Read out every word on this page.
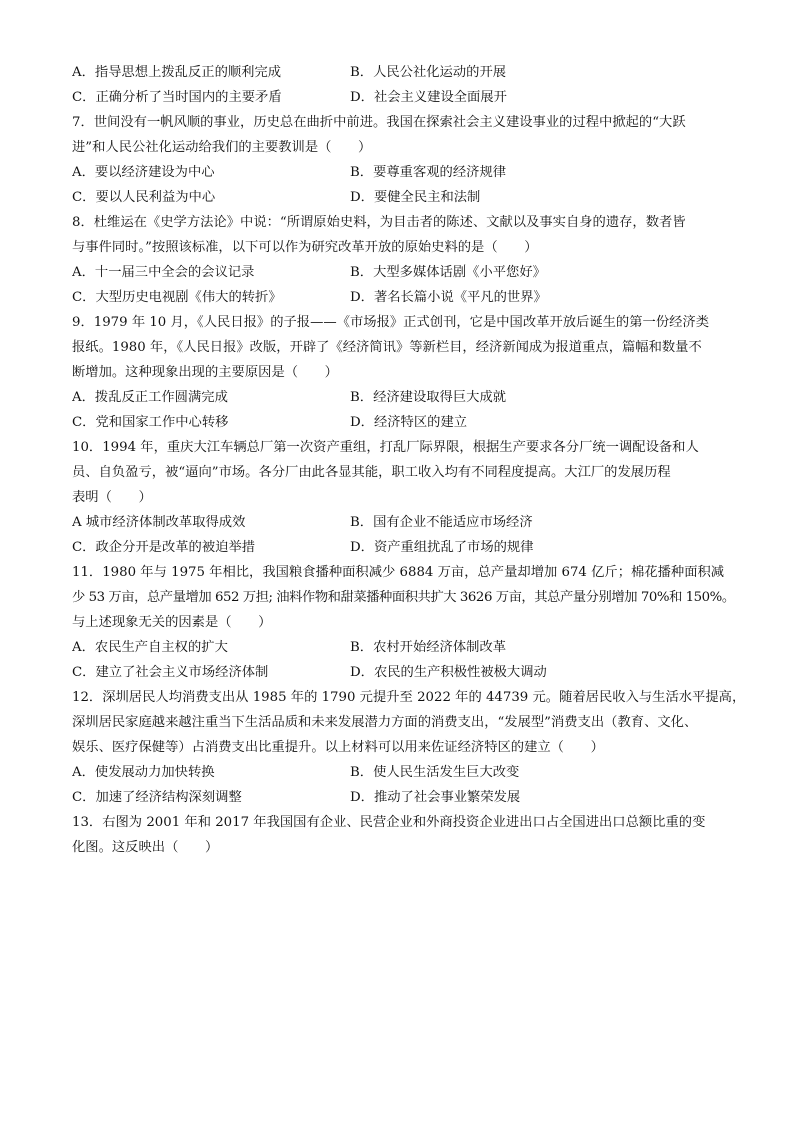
A．指导思想上拨乱反正的顺利完成	B．人民公社化运动的开展
C．正确分析了当时国内的主要矛盾	D．社会主义建设全面展开
7．世间没有一帆风顺的事业，历史总在曲折中前进。我国在探索社会主义建设事业的过程中掀起的“大跃
进”和人民公社化运动给我们的主要教训是（　　）
A．要以经济建设为中心	B．要尊重客观的经济规律
C．要以人民利益为中心	D．要健全民主和法制
8．杜维运在《史学方法论》中说：“所谓原始史料，为目击者的陈述、文献以及事实自身的遗存，数者皆
与事件同时。”按照该标准，以下可以作为研究改革开放的原始史料的是（　　）
A．十一届三中全会的会议记录	B．大型多媒体话剧《小平您好》
C．大型历史电视剧《伟大的转折》	D．著名长篇小说《平凡的世界》
9．1979 年 10 月，《人民日报》的子报——《市场报》正式创刊，它是中国改革开放后诞生的第一份经济类
报纸。1980 年，《人民日报》改版，开辟了《经济简讯》等新栏目，经济新闻成为报道重点，篇幅和数量不
断增加。这种现象出现的主要原因是（　　）
A．拨乱反正工作圆满完成	B．经济建设取得巨大成就
C．党和国家工作中心转移	D．经济特区的建立
10．1994 年，重庆大江车辆总厂第一次资产重组，打乱厂际界限，根据生产要求各分厂统一调配设备和人
员、自负盈亏，被“逼向”市场。各分厂由此各显其能，职工收入均有不同程度提高。大江厂的发展历程
表明（　　）
A 城市经济体制改革取得成效	B．国有企业不能适应市场经济
C．政企分开是改革的被迫举措	D．资产重组扰乱了市场的规律
11．1980 年与 1975 年相比，我国粮食播种面积减少 6884 万亩，总产量却增加 674 亿斤；棉花播种面积减
少 53 万亩，总产量增加 652 万担; 油料作物和甜菜播种面积共扩大 3626 万亩，其总产量分别增加 70%和 150%。
与上述现象无关的因素是（　　）
A．农民生产自主权的扩大	B．农村开始经济体制改革
C．建立了社会主义市场经济体制	D．农民的生产积极性被极大调动
12．深圳居民人均消费支出从 1985 年的 1790 元提升至 2022 年的 44739 元。随着居民收入与生活水平提高，
深圳居民家庭越来越注重当下生活品质和未来发展潜力方面的消费支出，“发展型”消费支出（教育、文化、
娱乐、医疗保健等）占消费支出比重提升。以上材料可以用来佐证经济特区的建立（　　）
A．使发展动力加快转换	B．使人民生活发生巨大改变
C．加速了经济结构深刻调整	D．推动了社会事业繁荣发展
13．右图为 2001 年和 2017 年我国国有企业、民营企业和外商投资企业进出口占全国进出口总额比重的变
化图。这反映出（　　）
